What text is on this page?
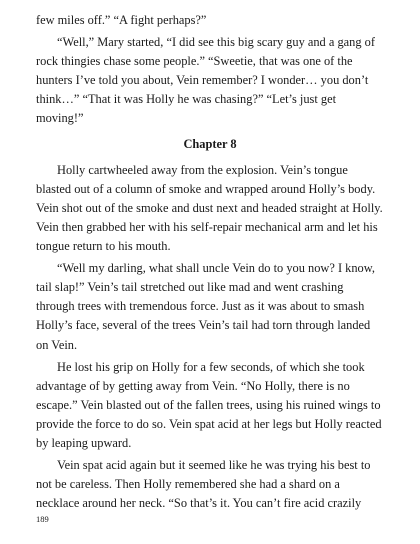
few miles off.” “A fight perhaps?”

“Well,” Mary started, “I did see this big scary guy and a gang of rock thingies chase some people.” “Sweetie, that was one of the hunters I’ve told you about, Vein remember? I wonder… you don’t think…” “That it was Holly he was chasing?” “Let’s just get moving!”

Chapter 8

Holly cartwheeled away from the explosion. Vein’s tongue blasted out of a column of smoke and wrapped around Holly’s body. Vein shot out of the smoke and dust next and headed straight at Holly. Vein then grabbed her with his self-repair mechanical arm and let his tongue return to his mouth.

“Well my darling, what shall uncle Vein do to you now? I know, tail slap!” Vein’s tail stretched out like mad and went crashing through trees with tremendous force. Just as it was about to smash Holly’s face, several of the trees Vein’s tail had torn through landed on Vein.

He lost his grip on Holly for a few seconds, of which she took advantage of by getting away from Vein. “No Holly, there is no escape.” Vein blasted out of the fallen trees, using his ruined wings to provide the force to do so. Vein spat acid at her legs but Holly reacted by leaping upward.

Vein spat acid again but it seemed like he was trying his best to not be careless. Then Holly remembered she had a shard on a necklace around her neck. “So that’s it. You can’t fire acid crazily

189
